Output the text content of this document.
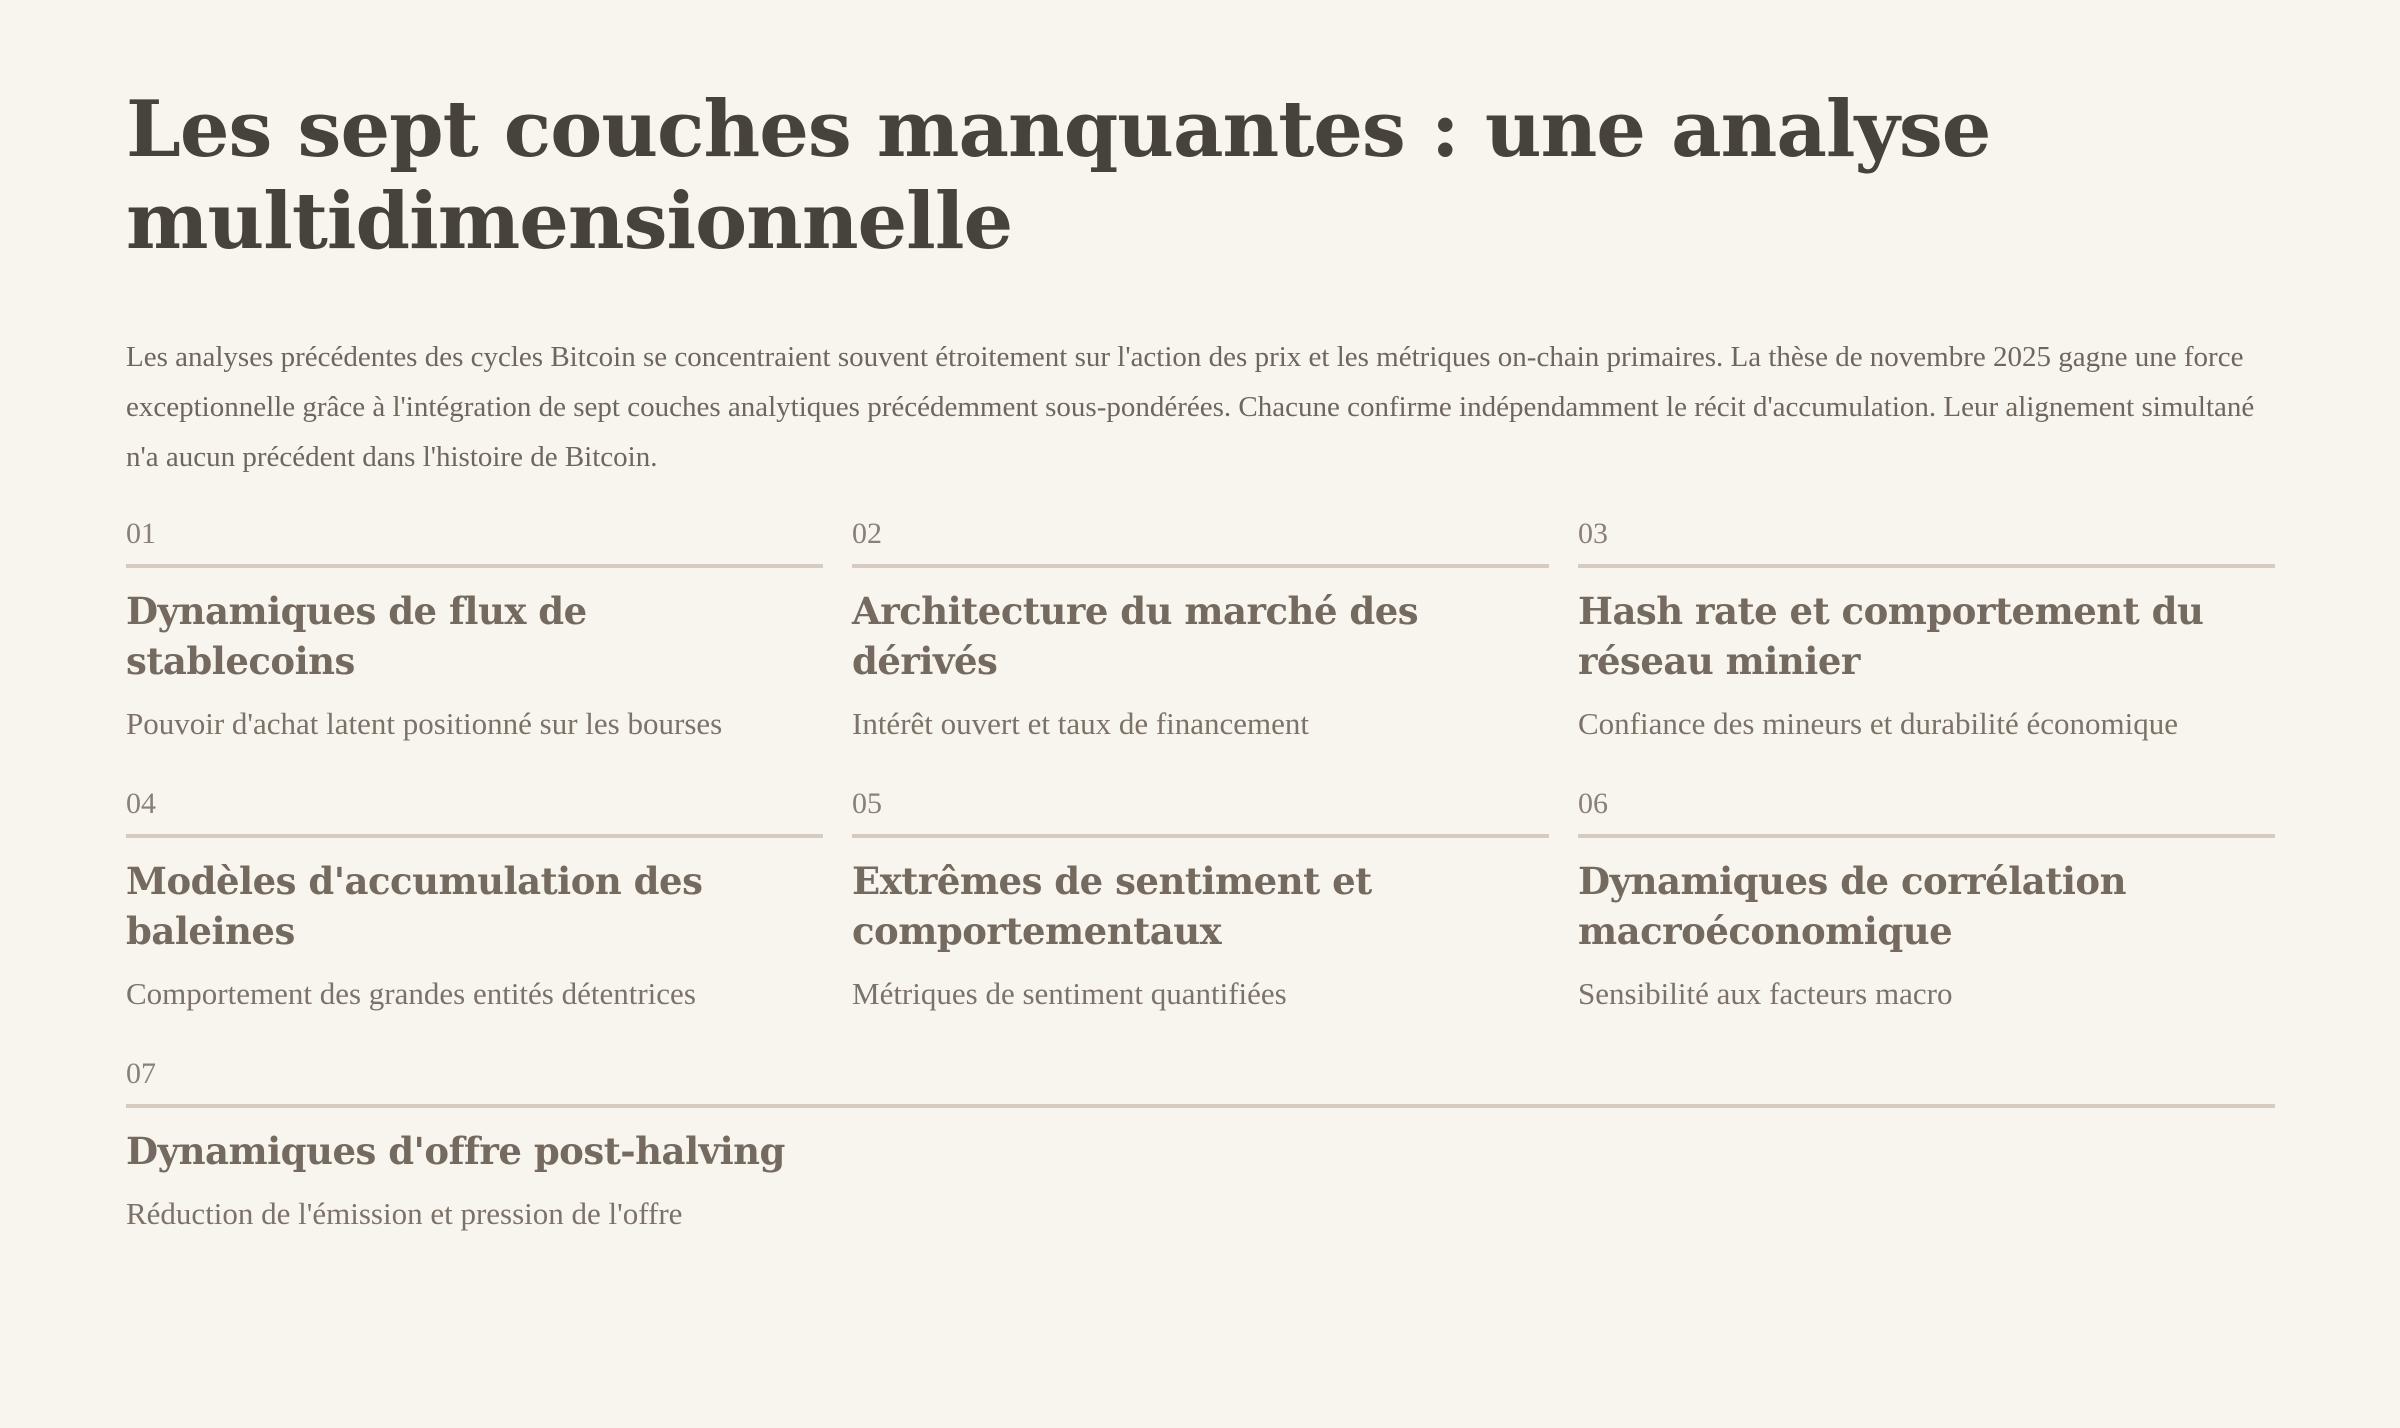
Les sept couches manquantes : une analyse multidimensionnelle

Les analyses précédentes des cycles Bitcoin se concentraient souvent étroitement sur l'action des prix et les métriques on-chain primaires. La thèse de novembre 2025 gagne une force exceptionnelle grâce à l'intégration de sept couches analytiques précédemment sous-pondérées. Chacune confirme indépendamment le récit d'accumulation. Leur alignement simultané n'a aucun précédent dans l'histoire de Bitcoin.

01
Dynamiques de flux de stablecoins
Pouvoir d'achat latent positionné sur les bourses
02
Architecture du marché des dérivés
Intérêt ouvert et taux de financement
03
Hash rate et comportement du réseau minier
Confiance des mineurs et durabilité économique
04
Modèles d'accumulation des baleines
Comportement des grandes entités détentrices
05
Extrêmes de sentiment et comportementaux
Métriques de sentiment quantifiées
06
Dynamiques de corrélation macroéconomique
Sensibilité aux facteurs macro
07
Dynamiques d'offre post-halving
Réduction de l'émission et pression de l'offre
